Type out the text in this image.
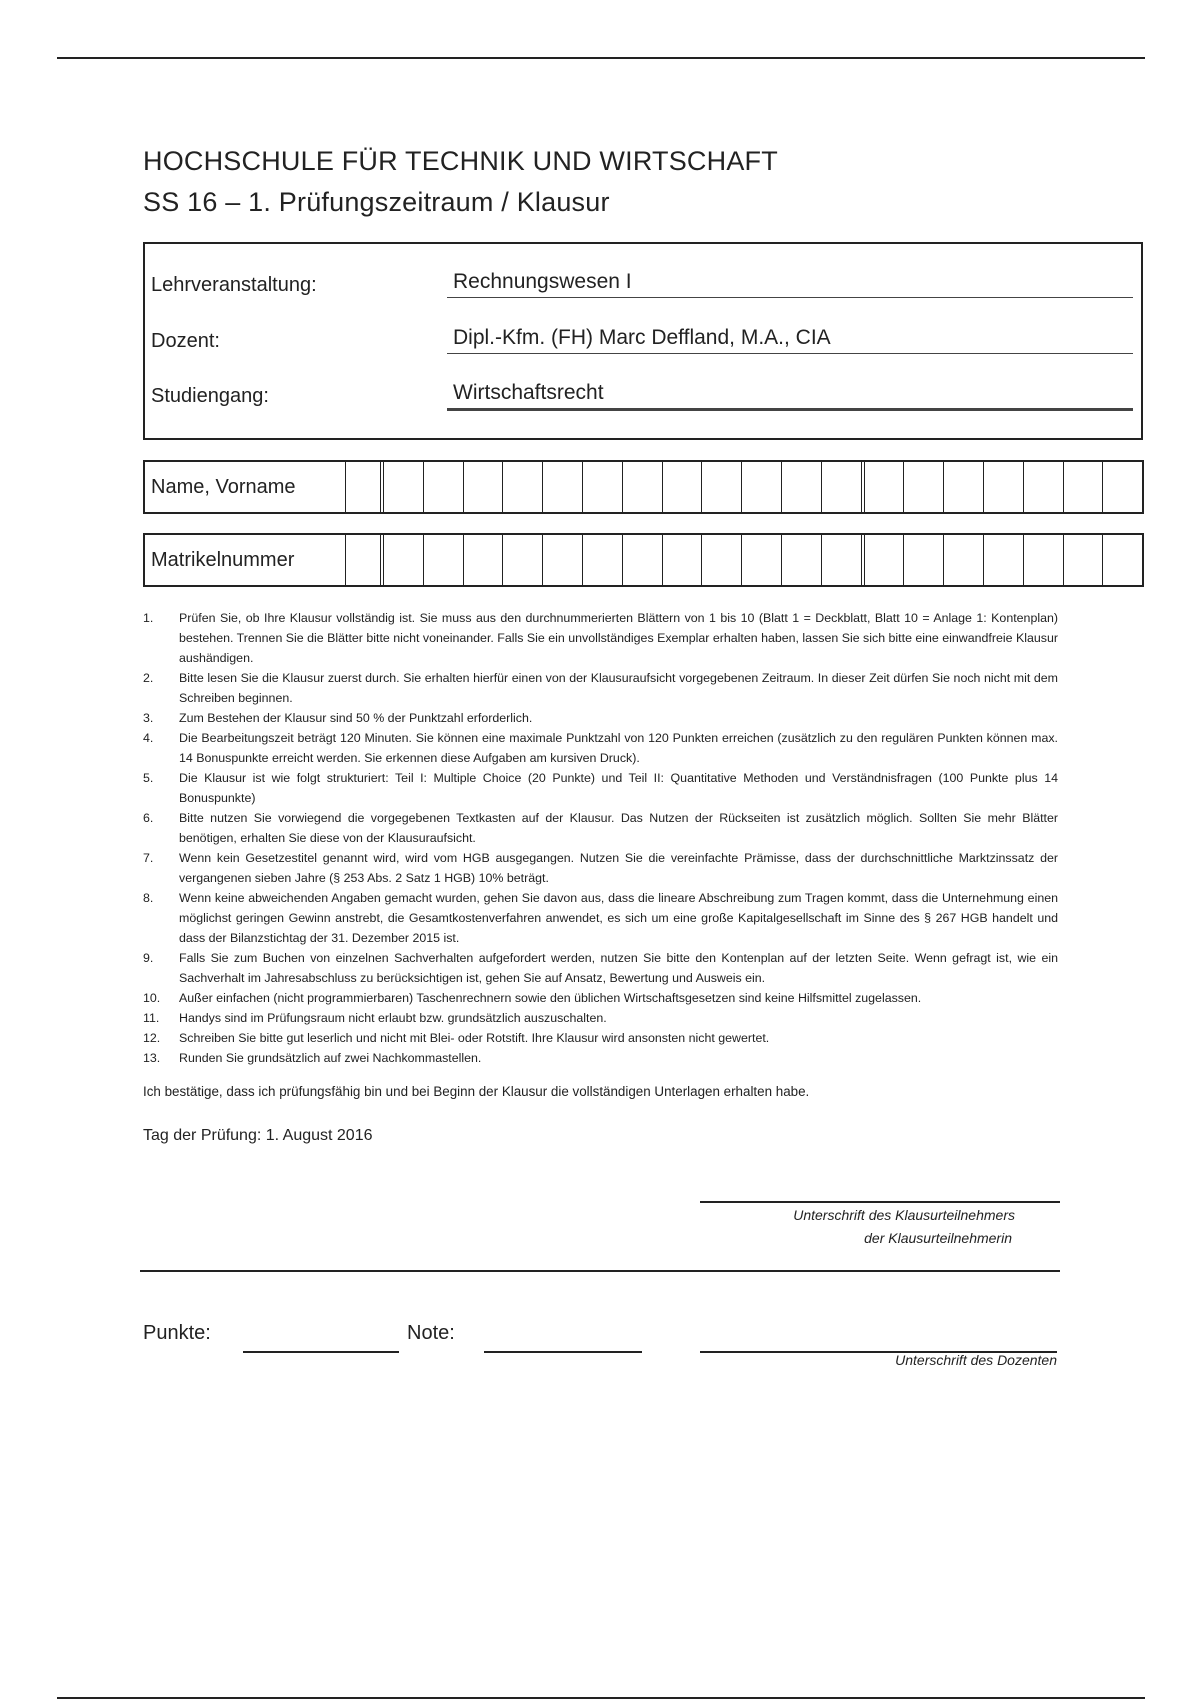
HOCHSCHULE FÜR TECHNIK UND WIRTSCHAFT
SS 16 – 1. Prüfungszeitraum / Klausur
Lehrveranstaltung:	Rechnungswesen I
Dozent:	Dipl.-Kfm. (FH) Marc Deffland, M.A., CIA
Studiengang:	Wirtschaftsrecht
Name, Vorname
Matrikelnummer
1. Prüfen Sie, ob Ihre Klausur vollständig ist. Sie muss aus den durchnummerierten Blättern von 1 bis 10 (Blatt 1 = Deckblatt, Blatt 10 = Anlage 1: Kontenplan) bestehen. Trennen Sie die Blätter bitte nicht voneinander. Falls Sie ein unvollständiges Exemplar erhalten haben, lassen Sie sich bitte eine einwandfreie Klausur aushändigen.
2. Bitte lesen Sie die Klausur zuerst durch. Sie erhalten hierfür einen von der Klausuraufsicht vorgegebenen Zeitraum. In dieser Zeit dürfen Sie noch nicht mit dem Schreiben beginnen.
3. Zum Bestehen der Klausur sind 50 % der Punktzahl erforderlich.
4. Die Bearbeitungszeit beträgt 120 Minuten. Sie können eine maximale Punktzahl von 120 Punkten erreichen (zusätzlich zu den regulären Punkten können max. 14 Bonuspunkte erreicht werden. Sie erkennen diese Aufgaben am kursiven Druck).
5. Die Klausur ist wie folgt strukturiert: Teil I: Multiple Choice (20 Punkte) und Teil II: Quantitative Methoden und Verständnisfragen (100 Punkte plus 14 Bonuspunkte)
6. Bitte nutzen Sie vorwiegend die vorgegebenen Textkasten auf der Klausur. Das Nutzen der Rückseiten ist zusätzlich möglich. Sollten Sie mehr Blätter benötigen, erhalten Sie diese von der Klausuraufsicht.
7. Wenn kein Gesetzestitel genannt wird, wird vom HGB ausgegangen. Nutzen Sie die vereinfachte Prämisse, dass der durchschnittliche Marktzinssatz der vergangenen sieben Jahre (§ 253 Abs. 2 Satz 1 HGB) 10% beträgt.
8. Wenn keine abweichenden Angaben gemacht wurden, gehen Sie davon aus, dass die lineare Abschreibung zum Tragen kommt, dass die Unternehmung einen möglichst geringen Gewinn anstrebt, die Gesamtkostenverfahren anwendet, es sich um eine große Kapitalgesellschaft im Sinne des § 267 HGB handelt und dass der Bilanzstichtag der 31. Dezember 2015 ist.
9. Falls Sie zum Buchen von einzelnen Sachverhalten aufgefordert werden, nutzen Sie bitte den Kontenplan auf der letzten Seite. Wenn gefragt ist, wie ein Sachverhalt im Jahresabschluss zu berücksichtigen ist, gehen Sie auf Ansatz, Bewertung und Ausweis ein.
10. Außer einfachen (nicht programmierbaren) Taschenrechnern sowie den üblichen Wirtschaftsgesetzen sind keine Hilfsmittel zugelassen.
11. Handys sind im Prüfungsraum nicht erlaubt bzw. grundsätzlich auszuschalten.
12. Schreiben Sie bitte gut leserlich und nicht mit Blei- oder Rotstift. Ihre Klausur wird ansonsten nicht gewertet.
13. Runden Sie grundsätzlich auf zwei Nachkommastellen.
Ich bestätige, dass ich prüfungsfähig bin und bei Beginn der Klausur die vollständigen Unterlagen erhalten habe.
Tag der Prüfung: 1. August 2016
Unterschrift des Klausurteilnehmers
der Klausurteilnehmerin
Punkte:	Note:
Unterschrift des Dozenten
